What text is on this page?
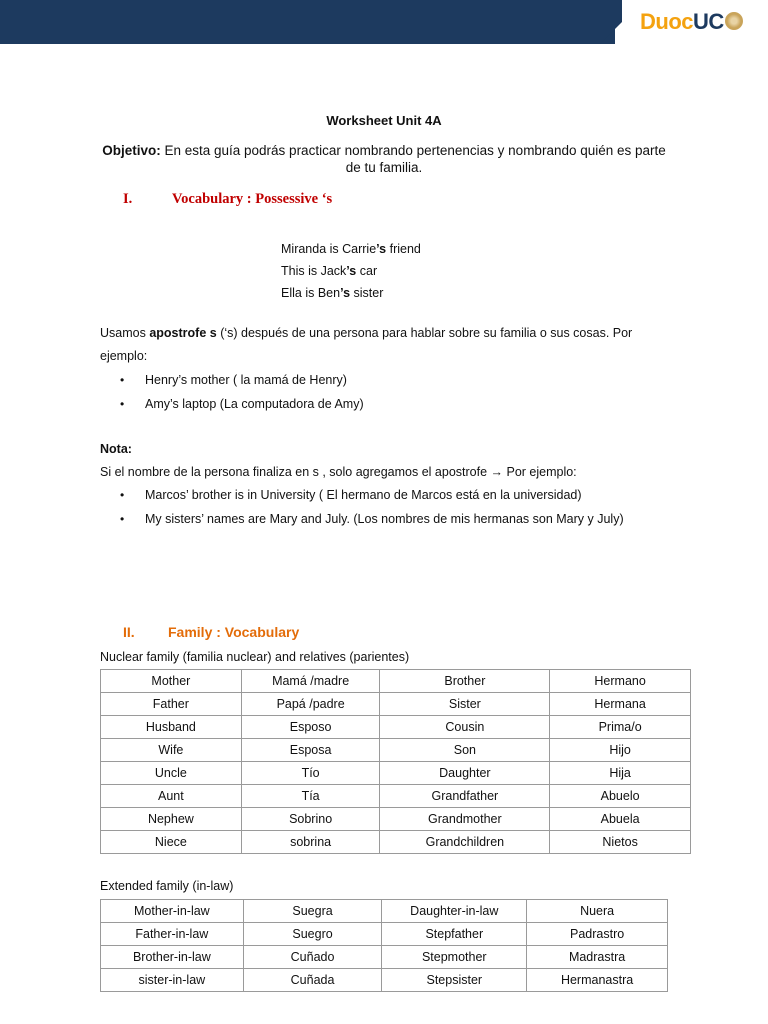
DuocUC
Worksheet Unit 4A
Objetivo: En esta guía podrás practicar nombrando pertenencias y nombrando quién es parte de tu familia.
I.	Vocabulary : Possessive ‘s
Miranda is Carrie’s friend
This is Jack’s car
Ella is Ben’s sister
Usamos apostrofe s (‘s) después de una persona para hablar sobre su familia o sus cosas. Por ejemplo:
• Henry’s mother ( la mamá de Henry)
• Amy’s laptop (La computadora de Amy)
Nota:
Si el nombre de la persona finaliza en s , solo agregamos el apostrofe → Por ejemplo:
• Marcos’ brother is in University ( El hermano de Marcos está en la universidad)
• My sisters’ names are Mary and July. (Los nombres de mis hermanas son Mary y July)
II. Family : Vocabulary
Nuclear family (familia nuclear) and relatives (parientes)
Mother	Mamá /madre	Brother	Hermano
Father	Papá /padre	Sister	Hermana
Husband	Esposo	Cousin	Prima/o
Wife	Esposa	Son	Hijo
Uncle	Tío	Daughter	Hija
Aunt	Tía	Grandfather	Abuelo
Nephew	Sobrino	Grandmother	Abuela
Niece	sobrina	Grandchildren	Nietos
Extended family (in-law)
Mother-in-law	Suegra	Daughter-in-law	Nuera
Father-in-law	Suegro	Stepfather	Padrastro
Brother-in-law	Cuñado	Stepmother	Madrastra
sister-in-law	Cuñada	Stepsister	Hermanastra
